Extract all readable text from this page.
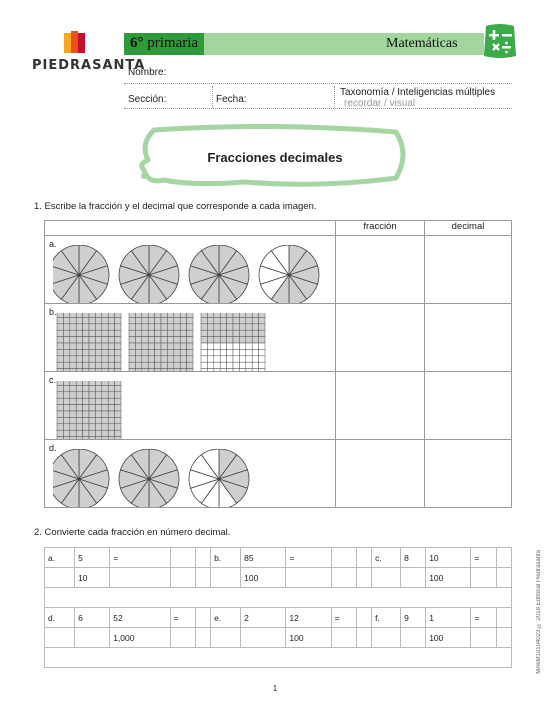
PIEDRASANTA
6° primaria	Matemáticas
Nombre:
Sección:	Fecha:
Taxonomía / Inteligencias múltiples
recordar / visual
Fracciones decimales
1. Escribe la fracción y el decimal que corresponde a cada imagen.
	fracción	decimal

a.		

b.		

c.		

d.		

2. Convierte cada fracción en número decimal.
a.	5	=			b.	85	=			c.	8	10	=	
	10					100						100		

d.	6	52	=		e.	2	12	=		f.	9	1	=	
		1,000					100					100		
	MA6M10104023 © 2018 Editorial Piedrasanta
1
